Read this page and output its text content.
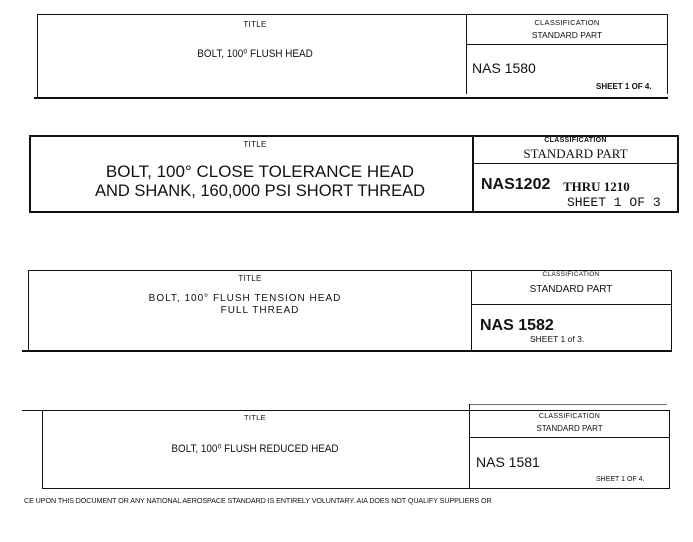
TITLE
BOLT, 100⁰ FLUSH HEAD
CLASSIFICATION
STANDARD PART
NAS 1580
SHEET 1 OF 4.
TITLE
BOLT, 100° CLOSE TOLERANCE HEAD
AND SHANK, 160,000 PSI SHORT THREAD
CLASSIFICATION
STANDARD PART
NAS1202 THRU 1210
SHEET 1 OF 3
TITLE
BOLT, 100° FLUSH TENSION HEAD
FULL THREAD
CLASSIFICATION
STANDARD PART
NAS 1582
SHEET 1 of 3.
TITLE
BOLT, 100⁰ FLUSH REDUCED HEAD
CLASSIFICATION
STANDARD PART
NAS 1581
SHEET 1 OF 4.
CE UPON THIS DOCUMENT OR ANY NATIONAL AEROSPACE STANDARD IS ENTIRELY VOLUNTARY. AIA DOES NOT QUALIFY SUPPLIERS OR
